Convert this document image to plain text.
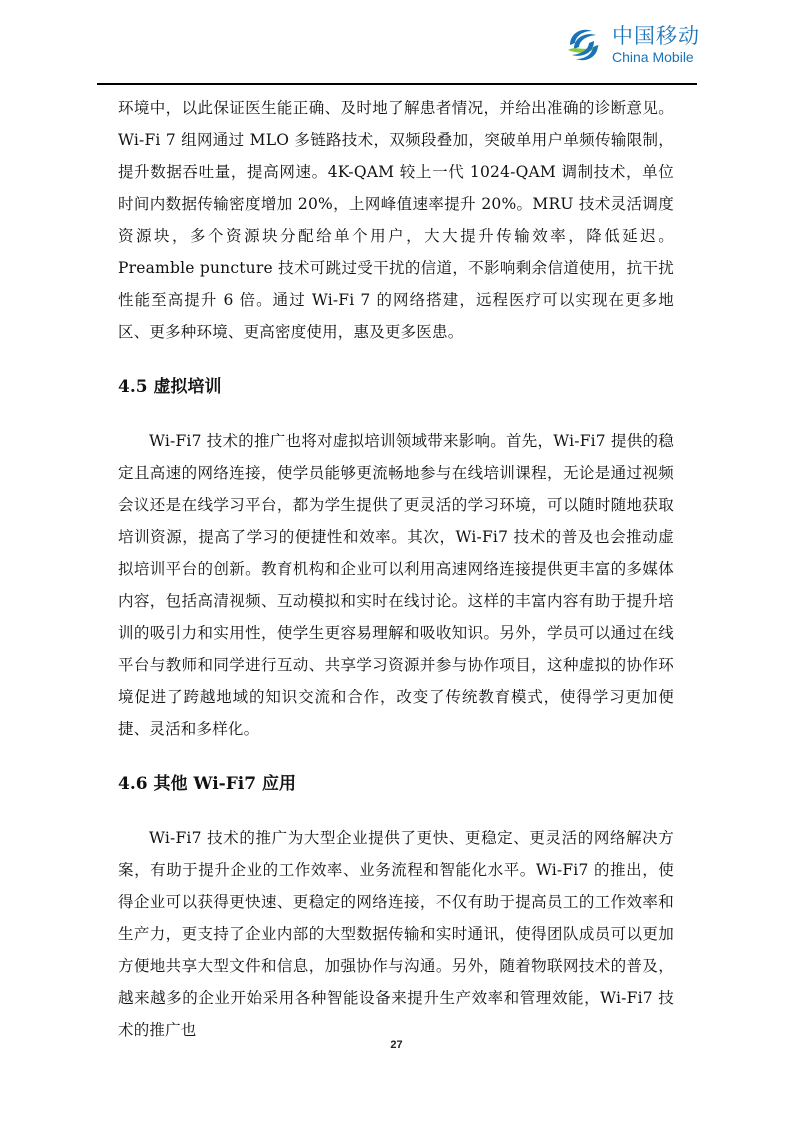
中国移动
China Mobile

环境中，以此保证医生能正确、及时地了解患者情况，并给出准确的诊断意见。Wi-Fi 7 组网通过 MLO 多链路技术，双频段叠加，突破单用户单频传输限制，提升数据吞吐量，提高网速。4K-QAM 较上一代 1024-QAM 调制技术，单位时间内数据传输密度增加 20%，上网峰值速率提升 20%。MRU 技术灵活调度资源块，多个资源块分配给单个用户，大大提升传输效率，降低延迟。Preamble puncture 技术可跳过受干扰的信道，不影响剩余信道使用，抗干扰性能至高提升 6 倍。通过 Wi-Fi 7 的网络搭建，远程医疗可以实现在更多地区、更多种环境、更高密度使用，惠及更多医患。

4.5 虚拟培训

Wi-Fi7 技术的推广也将对虚拟培训领域带来影响。首先，Wi-Fi7 提供的稳定且高速的网络连接，使学员能够更流畅地参与在线培训课程，无论是通过视频会议还是在线学习平台，都为学生提供了更灵活的学习环境，可以随时随地获取培训资源，提高了学习的便捷性和效率。其次，Wi-Fi7 技术的普及也会推动虚拟培训平台的创新。教育机构和企业可以利用高速网络连接提供更丰富的多媒体内容，包括高清视频、互动模拟和实时在线讨论。这样的丰富内容有助于提升培训的吸引力和实用性，使学生更容易理解和吸收知识。另外，学员可以通过在线平台与教师和同学进行互动、共享学习资源并参与协作项目，这种虚拟的协作环境促进了跨越地域的知识交流和合作，改变了传统教育模式，使得学习更加便捷、灵活和多样化。

4.6 其他 Wi-Fi7 应用

Wi-Fi7 技术的推广为大型企业提供了更快、更稳定、更灵活的网络解决方案，有助于提升企业的工作效率、业务流程和智能化水平。Wi-Fi7 的推出，使得企业可以获得更快速、更稳定的网络连接，不仅有助于提高员工的工作效率和生产力，更支持了企业内部的大型数据传输和实时通讯，使得团队成员可以更加方便地共享大型文件和信息，加强协作与沟通。另外，随着物联网技术的普及，越来越多的企业开始采用各种智能设备来提升生产效率和管理效能，Wi-Fi7 技术的推广也

27
